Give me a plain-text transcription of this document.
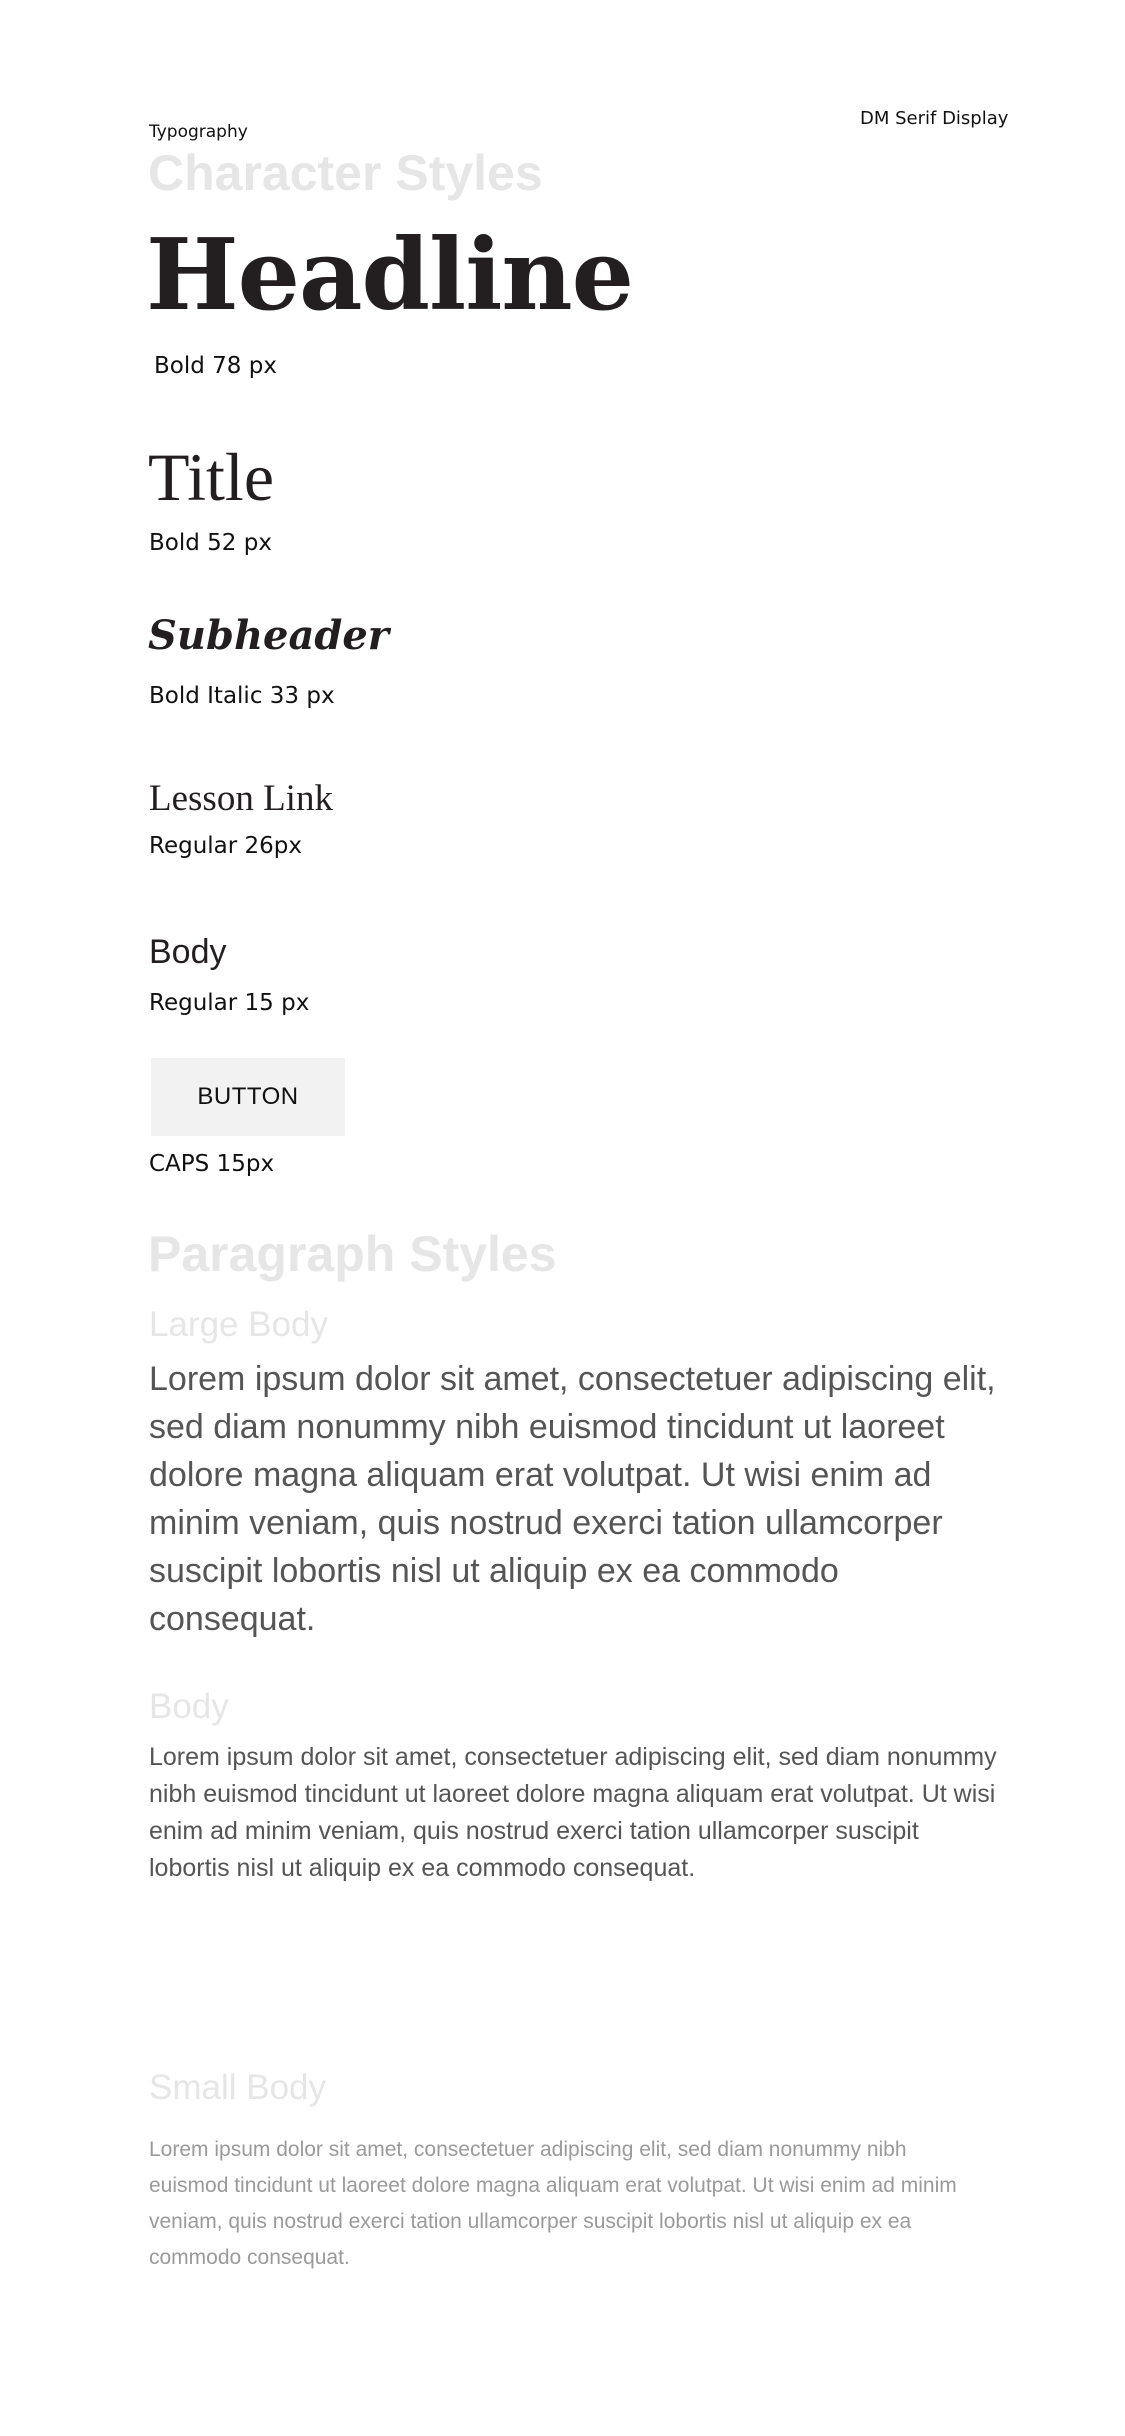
DM Serif Display
Typography
Character Styles
Headline
Bold 78 px
Title
Bold 52 px
Subheader
Bold Italic 33 px
Lesson Link
Regular 26px
Body
Regular 15 px
BUTTON
CAPS 15px
Paragraph Styles
Large Body
Lorem ipsum dolor sit amet, consectetuer adipiscing elit, sed diam nonummy nibh euismod tincidunt ut laoreet dolore magna aliquam erat volutpat. Ut wisi enim ad minim veniam, quis nostrud exerci tation ullamcorper suscipit lobortis nisl ut aliquip ex ea commodo consequat.
Body
Lorem ipsum dolor sit amet, consectetuer adipiscing elit, sed diam nonummy nibh euismod tincidunt ut laoreet dolore magna aliquam erat volutpat. Ut wisi enim ad minim veniam, quis nostrud exerci tation ullamcorper suscipit lobortis nisl ut aliquip ex ea commodo consequat.
Small Body
Lorem ipsum dolor sit amet, consectetuer adipiscing elit, sed diam nonummy nibh euismod tincidunt ut laoreet dolore magna aliquam erat volutpat. Ut wisi enim ad minim veniam, quis nostrud exerci tation ullamcorper suscipit lobortis nisl ut aliquip ex ea commodo consequat.
